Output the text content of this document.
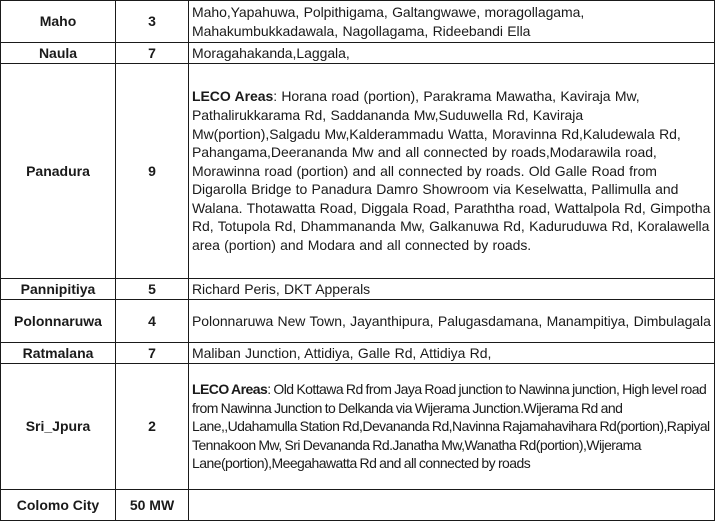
Maho	3	Maho,Yapahuwa, Polpithigama, Galtangwawe, moragollagama, Mahakumbukkadawala, Nagollagama, Rideebandi Ella
Naula	7	Moragahakanda,Laggala,
Panadura	9	LECO Areas: Horana road (portion), Parakrama Mawatha, Kaviraja Mw, Pathalirukkarama Rd, Saddananda Mw,Suduwella Rd, Kaviraja Mw(portion),Salgadu Mw,Kalderammadu Watta, Moravinna Rd,Kaludewala Rd, Pahangama,Deerananda Mw and all connected by roads,Modarawila road, Morawinna road (portion) and all connected by roads. Old Galle Road from Digarolla Bridge to Panadura Damro Showroom via Keselwatta, Pallimulla and Walana. Thotawatta Road, Diggala Road, Paraththa road, Wattalpola Rd, Gimpotha Rd, Totupola Rd, Dhammananda Mw, Galkanuwa Rd, Kaduruduwa Rd, Koralawella area (portion) and Modara and all connected by roads.
Pannipitiya	5	Richard Peris, DKT Apperals
Polonnaruwa	4	Polonnaruwa New Town, Jayanthipura, Palugasdamana, Manampitiya, Dimbulagala
Ratmalana	7	Maliban Junction, Attidiya, Galle Rd, Attidiya Rd,
Sri_Jpura	2	LECO Areas: Old Kottawa Rd from Jaya Road junction to Nawinna junction, High level road from Nawinna Junction to Delkanda via Wijerama Junction.Wijerama Rd and Lane,,Udahamulla Station Rd,Devananda Rd,Navinna Rajamahavihara Rd(portion),Rapiyal Tennakoon Mw, Sri Devananda Rd.Janatha Mw,Wanatha Rd(portion),Wijerama Lane(portion),Meegahawatta Rd and all connected by roads
Colomo City	50 MW	
